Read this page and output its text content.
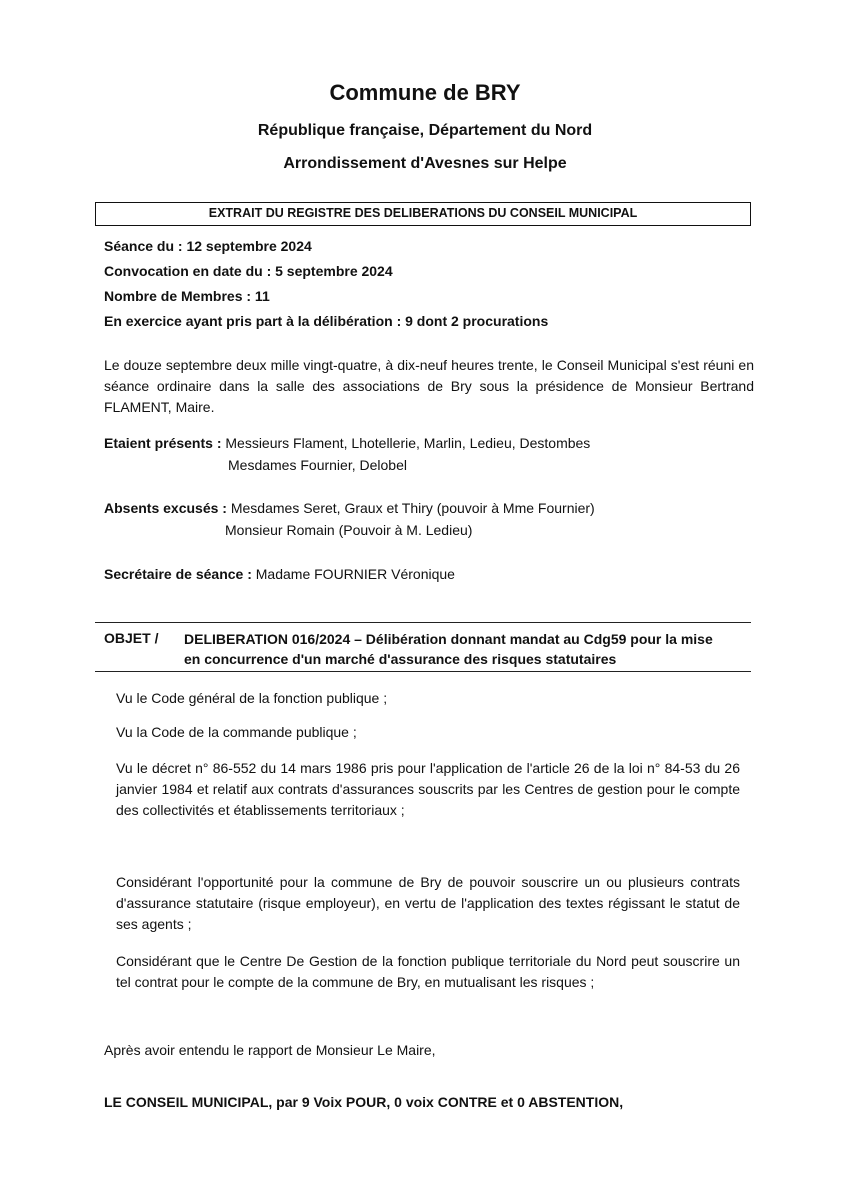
Commune de BRY
République française, Département du Nord
Arrondissement d'Avesnes sur Helpe
EXTRAIT DU REGISTRE DES DELIBERATIONS DU CONSEIL MUNICIPAL
Séance du : 12 septembre 2024
Convocation en date du : 5 septembre 2024
Nombre de Membres : 11
En exercice ayant pris part à la délibération : 9 dont 2 procurations
Le douze septembre deux mille vingt-quatre, à dix-neuf heures trente, le Conseil Municipal s'est réuni en séance ordinaire dans la salle des associations de Bry sous la présidence de Monsieur Bertrand FLAMENT, Maire.
Etaient présents : Messieurs Flament, Lhotellerie, Marlin, Ledieu, Destombes
Mesdames Fournier, Delobel
Absents excusés : Mesdames Seret, Graux et Thiry (pouvoir à Mme Fournier)
Monsieur Romain (Pouvoir à M. Ledieu)
Secrétaire de séance : Madame FOURNIER Véronique
OBJET / DELIBERATION 016/2024 – Délibération donnant mandat au Cdg59 pour la mise
en concurrence d'un marché d'assurance des risques statutaires
Vu le Code général de la fonction publique ;
Vu la Code de la commande publique ;
Vu le décret n° 86-552 du 14 mars 1986 pris pour l'application de l'article 26 de la loi n° 84-53 du 26 janvier 1984 et relatif aux contrats d'assurances souscrits par les Centres de gestion pour le compte des collectivités et établissements territoriaux ;
Considérant l'opportunité pour la commune de Bry de pouvoir souscrire un ou plusieurs contrats d'assurance statutaire (risque employeur), en vertu de l'application des textes régissant le statut de ses agents ;
Considérant que le Centre De Gestion de la fonction publique territoriale du Nord peut souscrire un tel contrat pour le compte de la commune de Bry, en mutualisant les risques ;
Après avoir entendu le rapport de Monsieur Le Maire,
LE CONSEIL MUNICIPAL, par 9 Voix POUR, 0 voix CONTRE et 0 ABSTENTION,
